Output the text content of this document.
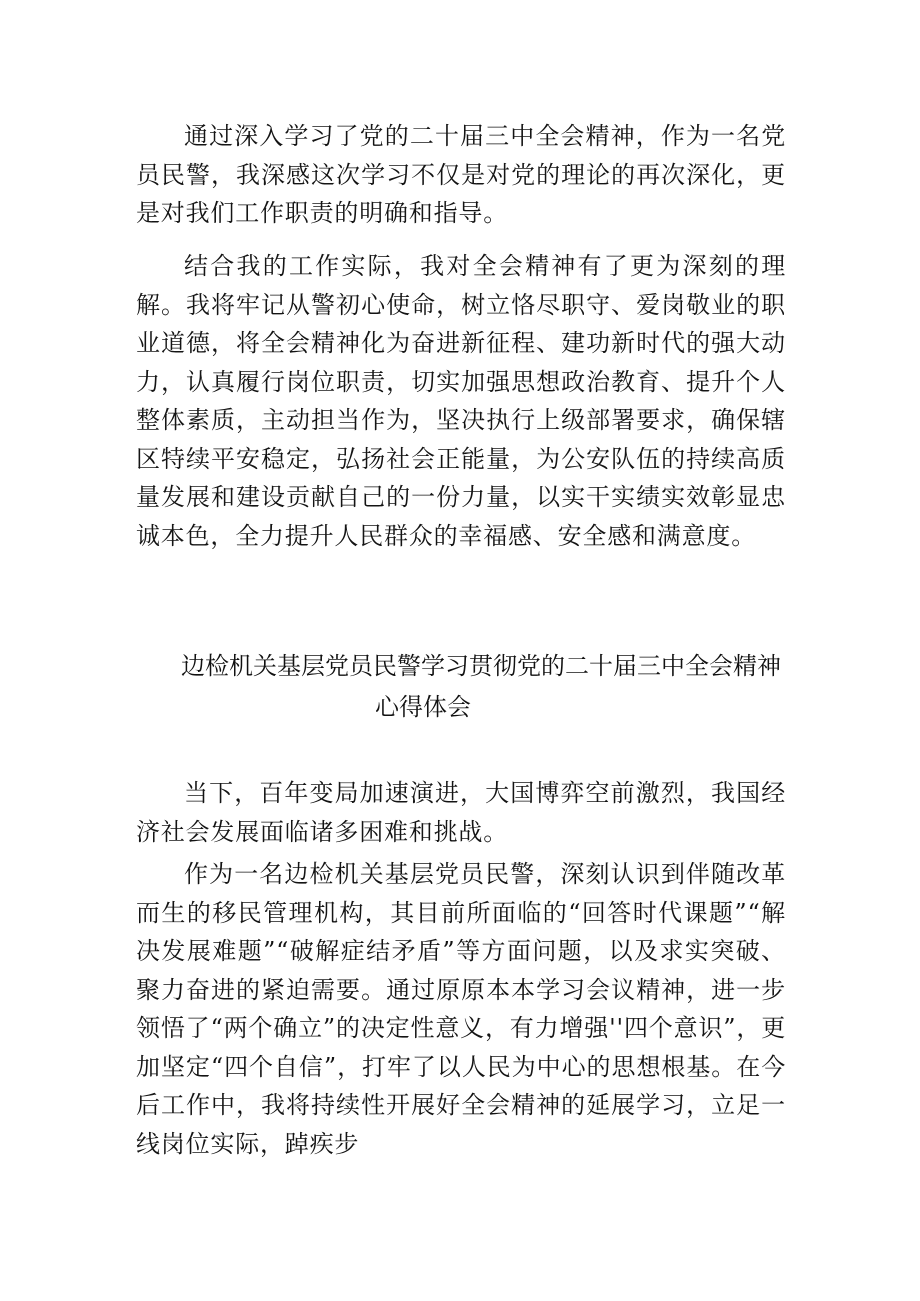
通过深入学习了党的二十届三中全会精神，作为一名党员民警，我深感这次学习不仅是对党的理论的再次深化，更是对我们工作职责的明确和指导。

结合我的工作实际，我对全会精神有了更为深刻的理解。我将牢记从警初心使命，树立恪尽职守、爱岗敬业的职业道德，将全会精神化为奋进新征程、建功新时代的强大动力，认真履行岗位职责，切实加强思想政治教育、提升个人整体素质，主动担当作为，坚决执行上级部署要求，确保辖区特续平安稳定，弘扬社会正能量，为公安队伍的持续高质量发展和建设贡献自己的一份力量，以实干实绩实效彰显忠诚本色，全力提升人民群众的幸福感、安全感和满意度。

边检机关基层党员民警学习贯彻党的二十届三中全会精神
心得体会

当下，百年变局加速演进，大国博弈空前激烈，我国经济社会发展面临诸多困难和挑战。

作为一名边检机关基层党员民警，深刻认识到伴随改革而生的移民管理机构，其目前所面临的“回答时代课题”“解决发展难题”“破解症结矛盾”等方面问题，以及求实突破、聚力奋进的紧迫需要。通过原原本本学习会议精神，进一步领悟了“两个确立”的决定性意义，有力增强''四个意识”，更加坚定“四个自信”，打牢了以人民为中心的思想根基。在今后工作中，我将持续性开展好全会精神的延展学习，立足一线岗位实际，踔疾步
